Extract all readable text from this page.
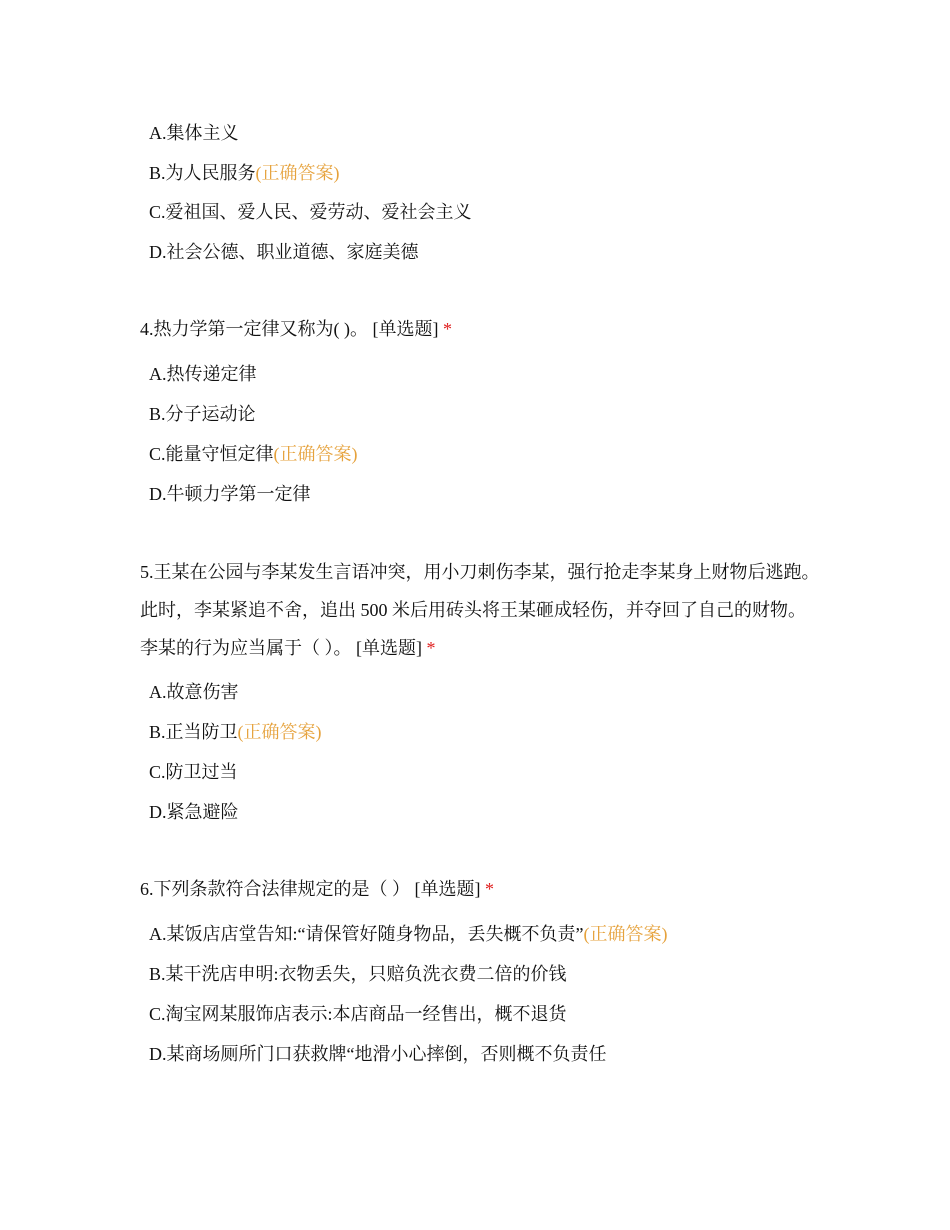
A.集体主义
B.为人民服务(正确答案)
C.爱祖国、爱人民、爱劳动、爱社会主义
D.社会公德、职业道德、家庭美德
4.热力学第一定律又称为( )。 [单选题] *
A.热传递定律
B.分子运动论
C.能量守恒定律(正确答案)
D.牛顿力学第一定律
5.王某在公园与李某发生言语冲突，用小刀刺伤李某，强行抢走李某身上财物后逃跑。此时，李某紧追不舍，追出 500 米后用砖头将王某砸成轻伤，并夺回了自己的财物。李某的行为应当属于（ ）。 [单选题] *
A.故意伤害
B.正当防卫(正确答案)
C.防卫过当
D.紧急避险
6.下列条款符合法律规定的是（ ） [单选题] *
A.某饭店店堂告知:“请保管好随身物品，丢失概不负责”(正确答案)
B.某干洗店申明:衣物丢失，只赔负洗衣费二倍的价钱
C.淘宝网某服饰店表示:本店商品一经售出，概不退货
D.某商场厕所门口获救牌“地滑小心摔倒，否则概不负责任
